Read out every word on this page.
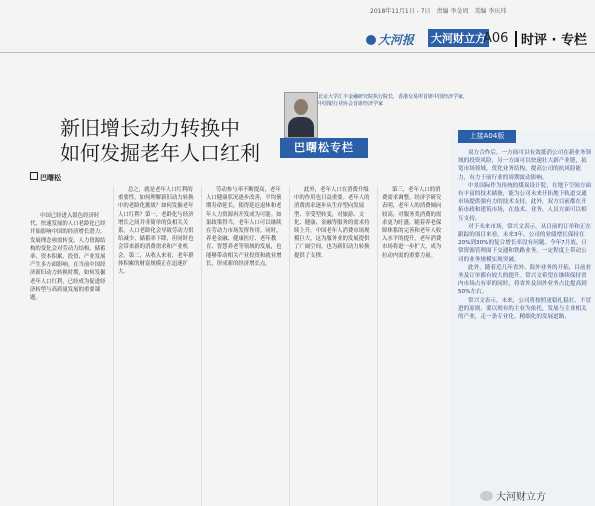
2018年11月1日 - 7日　责编 李金周　美编 李庆玮
大河报 大河财立方
A06 时评 · 专栏
新旧增长动力转换中
如何发掘老年人口红利
北京大学汇丰金融研究院执行院长，香港交易所首席中国经济学家，中国银行业协会首席经济学家
巴曙松专栏
巴曙松

中国已经进入银色经济时代，快速发展的人口老龄化已经开始影响中国的经济增长潜力，发展理念亟需转变。人力资源结构的变化会对劳动力结构、储蓄率、资本积累、投资、产业发展产生多方面影响。在当前中国经济新旧动力转换时期，如何发掘老年人口红利，已经成为促进经济转型与高质量发展的重要课题。

总之，就是老年人口红利的重要性。如何理解新旧动力转换中的老龄化挑战？如何发掘老年人口红利？第一，老龄化与经济增长之间并非简单的负相关关系。人口老龄化会导致劳动力供给减少、储蓄率下降，但同时也会带来新的消费需求和产业机会。第二，从收入来看，老年群体积累的财富规模正在迅速扩大。

劳动参与率不断提高，老年人口健康状况逐步改善，平均预期寿命延长，使得延迟退休和老年人力资源再开发成为可能。如果政策得当，老年人口可以继续在劳动力市场发挥作用。同时，养老金融、健康医疗、老年教育、智慧养老等领域的发展，也能够带动相关产业投资和就业增长，形成新的经济增长点。

此外，老年人口在消费升级中的作用也日益重要。老年人的消费需求逐步从生存型向发展型、享受型转变，对旅游、文化、健康、金融等服务的需求持续上升。中国老年人消费市场规模巨大，这为服务业的发展提供了广阔空间，也为新旧动力转换提供了支撑。

第三，老年人口的消费需求调整。经济学研究表明，老年人的消费倾向较高，对服务类消费的需求更为旺盛。随着养老保障体系的完善和老年人收入水平的提升，老年消费市场将进一步扩大，成为拉动内需的重要力量。

上接A04版

双方合作后，一方面可以有效抵消公司在新业务领域的投资风险，另一方面可以快速壮大新产业链，拓宽市场领域，优化业务结构，提高公司的抗风险能力，有力于前行业的周期波动影响。

中景国际作为传统的煤炭设计院，在地下空间方面有丰富的技术储备，能为公司未来开拓地下轨道交通市场提供强有力的技术支持。此外，双方目前都在开拓市政和建筑市场，在技术、业务、人员方面可以相互支持。

对于未来市场，常兴文表示，从目前的订单和正在跟踪的项目来看，未来3年，公司的业绩增长保持在20%到30%的复合增长率没有问题。今年7月底，日常资源管理面下交通和铁路业务，一定程度上带动公司的业务规模实现突破。

此外，随着近几年省外、海外业务的开拓，目前业务及订单都有较大的提升。常兴文希望在继续保持省内市场占有率的同时，将省外及国外业务占比提高到50%左右。

常兴文表示，未来，公司将按照更稳扎稳打、不冒进的原则，要以现有的主业为依托，发展与主业相关的产业，走一条专业化、精细化的发展道路。

大河财立方
